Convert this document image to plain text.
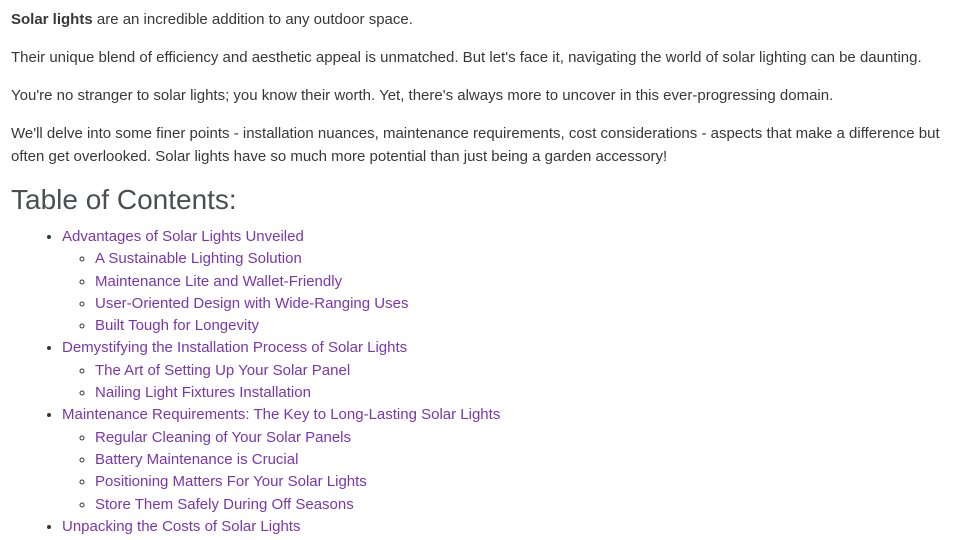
Solar lights are an incredible addition to any outdoor space.

Their unique blend of efficiency and aesthetic appeal is unmatched. But let's face it, navigating the world of solar lighting can be daunting.

You're no stranger to solar lights; you know their worth. Yet, there's always more to uncover in this ever-progressing domain.

We'll delve into some finer points - installation nuances, maintenance requirements, cost considerations - aspects that make a difference but often get overlooked. Solar lights have so much more potential than just being a garden accessory!

Table of Contents:
• Advantages of Solar Lights Unveiled
◦ A Sustainable Lighting Solution
◦ Maintenance Lite and Wallet-Friendly
◦ User-Oriented Design with Wide-Ranging Uses
◦ Built Tough for Longevity
• Demystifying the Installation Process of Solar Lights
◦ The Art of Setting Up Your Solar Panel
◦ Nailing Light Fixtures Installation
• Maintenance Requirements: The Key to Long-Lasting Solar Lights
◦ Regular Cleaning of Your Solar Panels
◦ Battery Maintenance is Crucial
◦ Positioning Matters For Your Solar Lights
◦ Store Them Safely During Off Seasons
• Unpacking the Costs of Solar Lights
